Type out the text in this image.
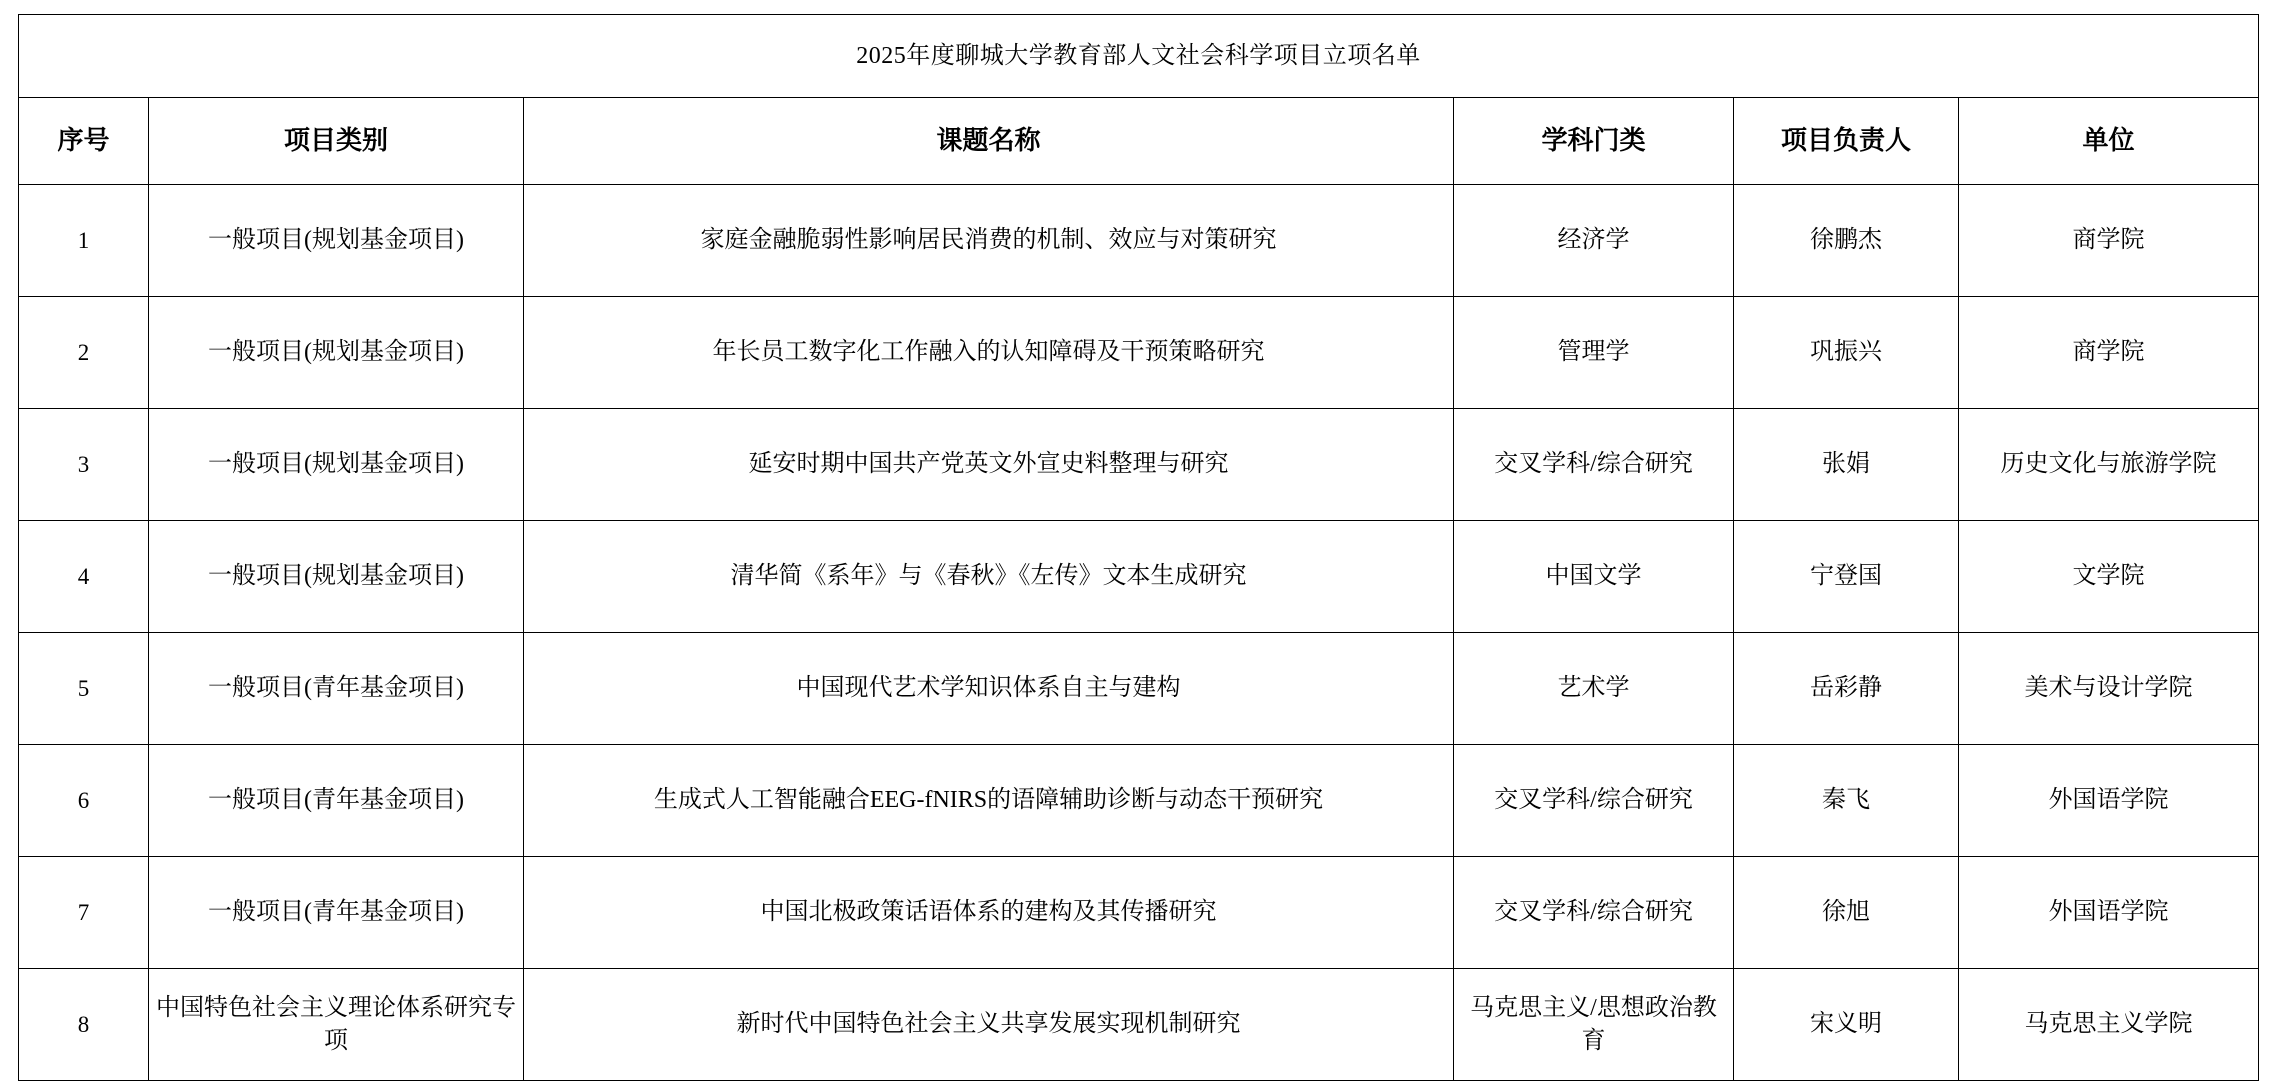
2025年度聊城大学教育部人文社会科学项目立项名单					
序号	项目类别	课题名称	学科门类	项目负责人	单位
1	一般项目(规划基金项目)	家庭金融脆弱性影响居民消费的机制、效应与对策研究	经济学	徐鹏杰	商学院
2	一般项目(规划基金项目)	年长员工数字化工作融入的认知障碍及干预策略研究	管理学	巩振兴	商学院
3	一般项目(规划基金项目)	延安时期中国共产党英文外宣史料整理与研究	交叉学科/综合研究	张娟	历史文化与旅游学院
4	一般项目(规划基金项目)	清华简《系年》与《春秋》《左传》文本生成研究	中国文学	宁登国	文学院
5	一般项目(青年基金项目)	中国现代艺术学知识体系自主与建构	艺术学	岳彩静	美术与设计学院
6	一般项目(青年基金项目)	生成式人工智能融合EEG-fNIRS的语障辅助诊断与动态干预研究	交叉学科/综合研究	秦飞	外国语学院
7	一般项目(青年基金项目)	中国北极政策话语体系的建构及其传播研究	交叉学科/综合研究	徐旭	外国语学院
8	中国特色社会主义理论体系研究专项	新时代中国特色社会主义共享发展实现机制研究	马克思主义/思想政治教育	宋义明	马克思主义学院
